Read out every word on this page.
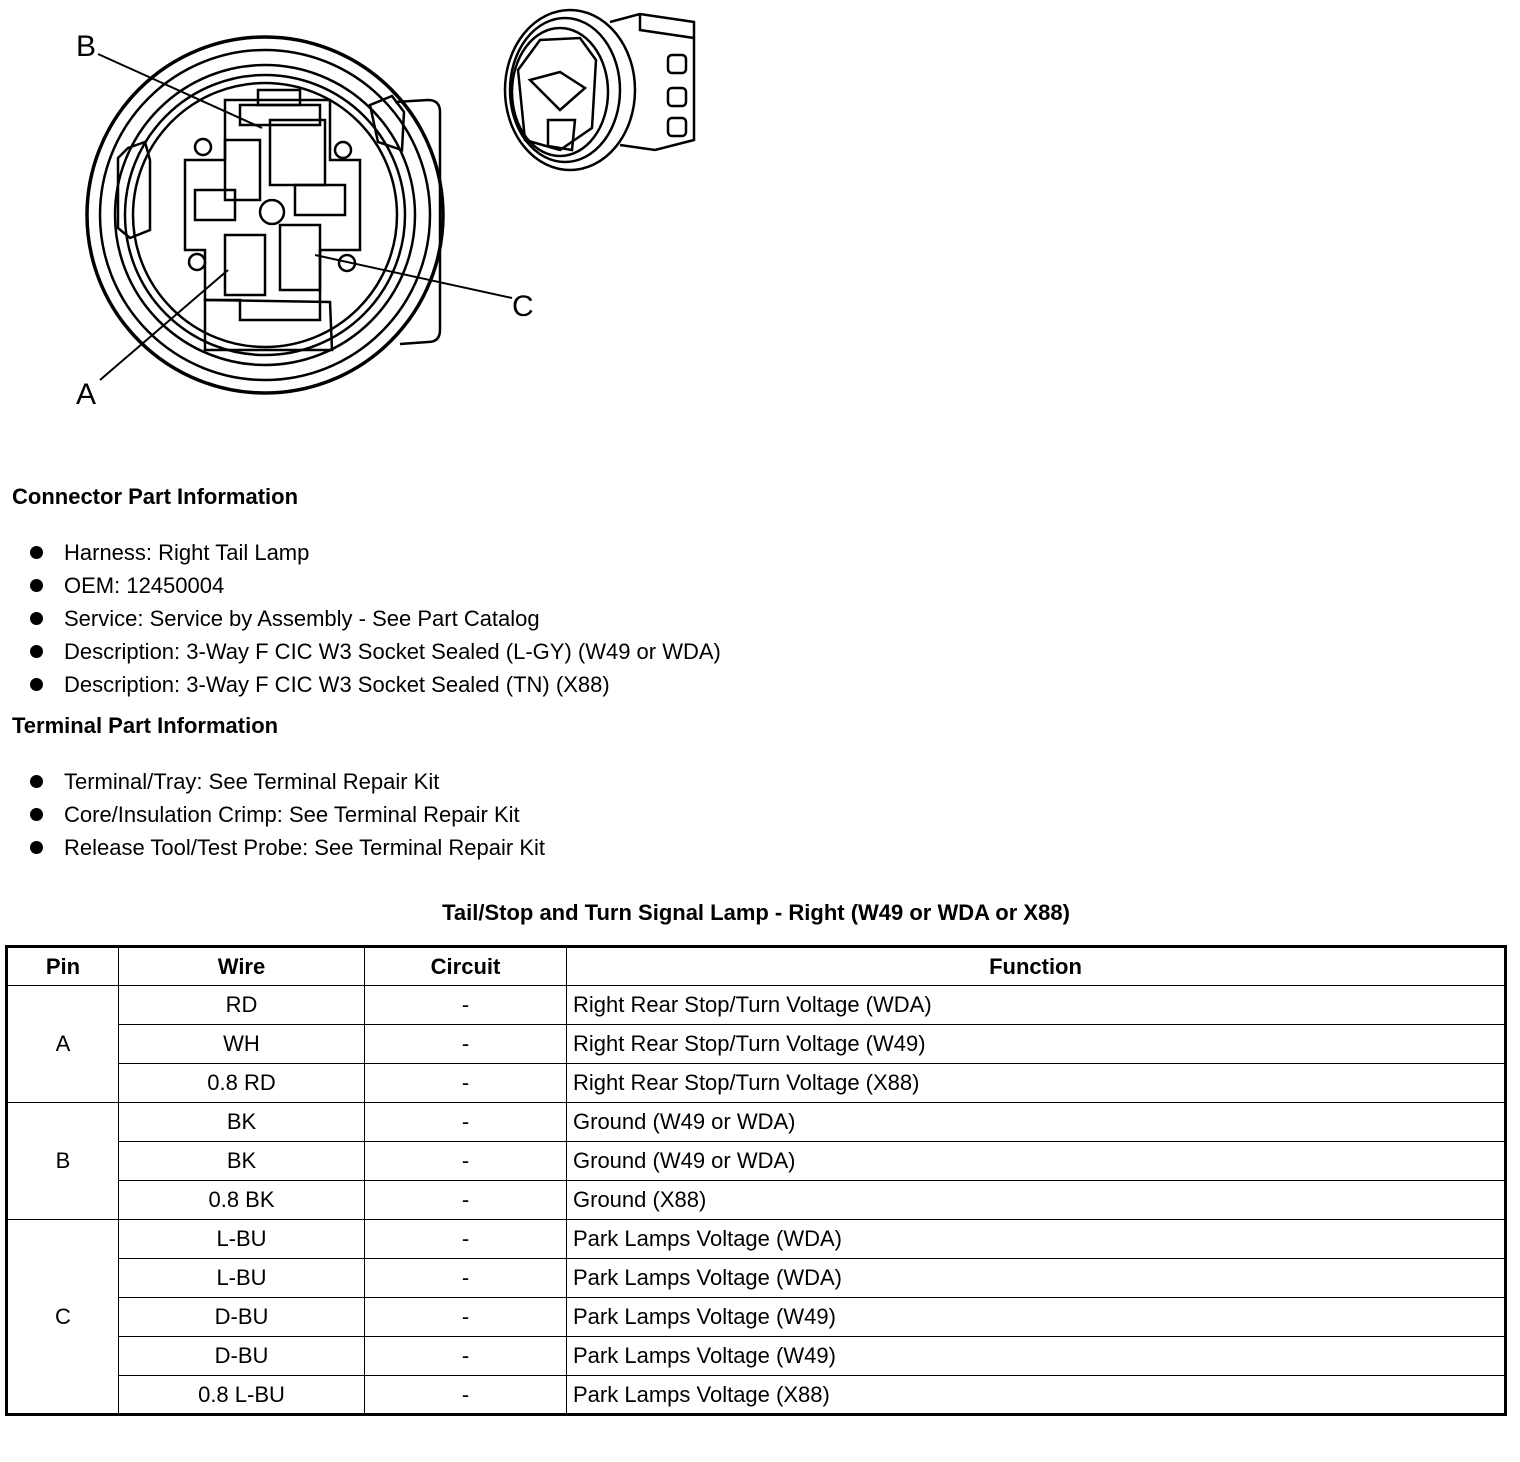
B
C
A
Connector Part Information
Harness: Right Tail Lamp
OEM: 12450004
Service: Service by Assembly - See Part Catalog
Description: 3-Way F CIC W3 Socket Sealed (L-GY) (W49 or WDA)
Description: 3-Way F CIC W3 Socket Sealed (TN) (X88)
Terminal Part Information
Terminal/Tray: See Terminal Repair Kit
Core/Insulation Crimp: See Terminal Repair Kit
Release Tool/Test Probe: See Terminal Repair Kit
Tail/Stop and Turn Signal Lamp - Right (W49 or WDA or X88)
Pin	Wire	Circuit	Function
A	RD	-	Right Rear Stop/Turn Voltage (WDA)
	WH	-	Right Rear Stop/Turn Voltage (W49)
	0.8 RD	-	Right Rear Stop/Turn Voltage (X88)
B	BK	-	Ground (W49 or WDA)
	BK	-	Ground (W49 or WDA)
	0.8 BK	-	Ground (X88)
C	L-BU	-	Park Lamps Voltage (WDA)
	L-BU	-	Park Lamps Voltage (WDA)
	D-BU	-	Park Lamps Voltage (W49)
	D-BU	-	Park Lamps Voltage (W49)
	0.8 L-BU	-	Park Lamps Voltage (X88)
